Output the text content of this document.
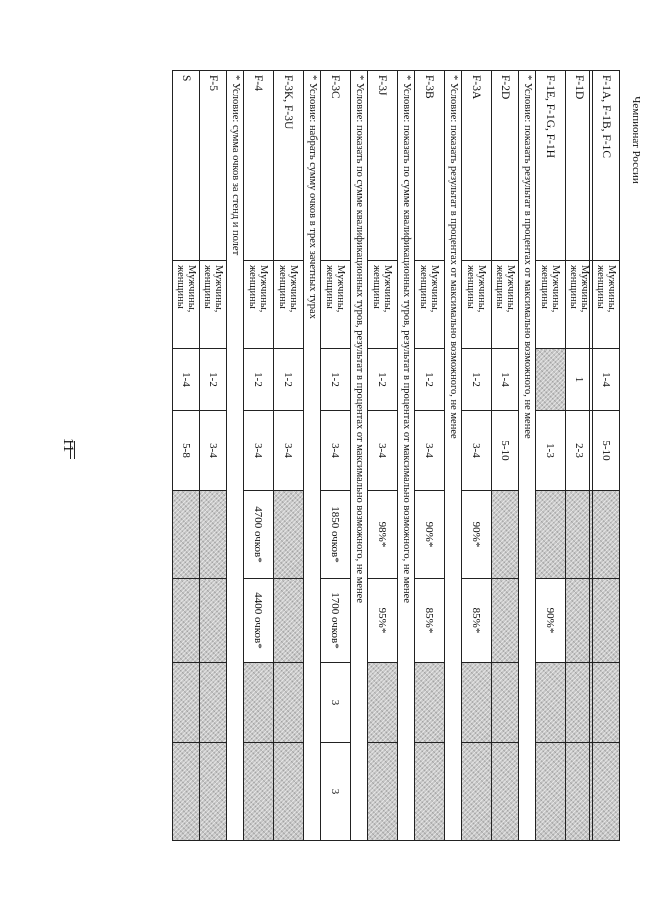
11
F-1A, F-1B, F-1C	Мужчины, женщины	1-4	5-10				
F-1D	Мужчины, женщины	1	2-3				
F-1E, F-1G, F-1H	Мужчины, женщины		1-3		90%*		
* Условие: показать результат в процентах от максимально возможного, не менее							
F-2D	Мужчины, женщины	1-4	5-10				
F-3A	Мужчины, женщины	1-2	3-4	90%*	85%*		
* Условие: показать результат в процентах от максимально возможного, не менее							
F-3B	Мужчины, женщины	1-2	3-4	90%*	85%*		
* Условие: показать по сумме квалификационных туров, результат в процентах от максимально возможного, не менее							
F-3J	Мужчины, женщины	1-2	3-4	98%*	95%*		
* Условие: показать по сумме квалификационных туров, результат в процентах от максимально возможного, не менее							
F-3C	Мужчины, женщины	1-2	3-4	1850 очков*	1700 очков*	3	3
* Условие: набрать сумму очков в трех зачетных турах							
F-3K, F-3U	Мужчины, женщины	1-2	3-4				
F-4	Мужчины, женщины	1-2	3-4	4700 очков*	4400 очков*		
* Условие: сумма очков за стенд и полет							
F-5	Мужчины, женщины	1-2	3-4				
S	Мужчины, женщины	1-4	5-8				
Чемпионат России
